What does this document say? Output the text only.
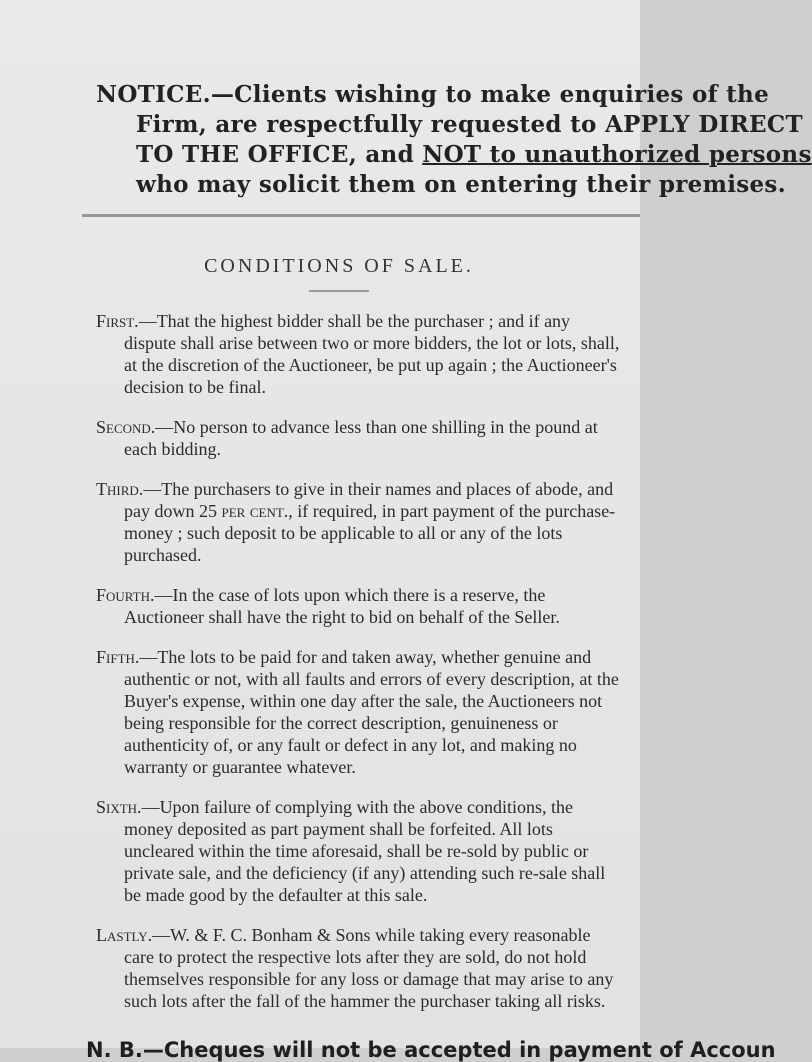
NOTICE.—Clients wishing to make enquiries of the
Firm, are respectfully requested to APPLY DIRECT
TO THE OFFICE, and NOT to unauthorized persons
who may solicit them on entering their premises.
CONDITIONS OF SALE.

First.—That the highest bidder shall be the purchaser ; and if any dispute shall arise between two or more bidders, the lot or lots, shall, at the discretion of the Auctioneer, be put up again ; the Auctioneer's decision to be final.

Second.—No person to advance less than one shilling in the pound at each bidding.

Third.—The purchasers to give in their names and places of abode, and pay down 25 per cent., if required, in part payment of the purchase-money ; such deposit to be applicable to all or any of the lots purchased.

Fourth.—In the case of lots upon which there is a reserve, the Auctioneer shall have the right to bid on behalf of the Seller.

Fifth.—The lots to be paid for and taken away, whether genuine and authentic or not, with all faults and errors of every description, at the Buyer's expense, within one day after the sale, the Auctioneers not being responsible for the correct description, genuineness or authenticity of, or any fault or defect in any lot, and making no warranty or guarantee whatever.

Sixth.—Upon failure of complying with the above conditions, the money deposited as part payment shall be forfeited. All lots uncleared within the time aforesaid, shall be re-sold by public or private sale, and the deficiency (if any) attending such re-sale shall be made good by the defaulter at this sale.

Lastly.—W. & F. C. Bonham & Sons while taking every reasonable care to protect the respective lots after they are sold, do not hold themselves responsible for any loss or damage that may arise to any such lots after the fall of the hammer the purchaser taking all risks.

N. B.—Cheques will not be accepted in payment of Accoun
